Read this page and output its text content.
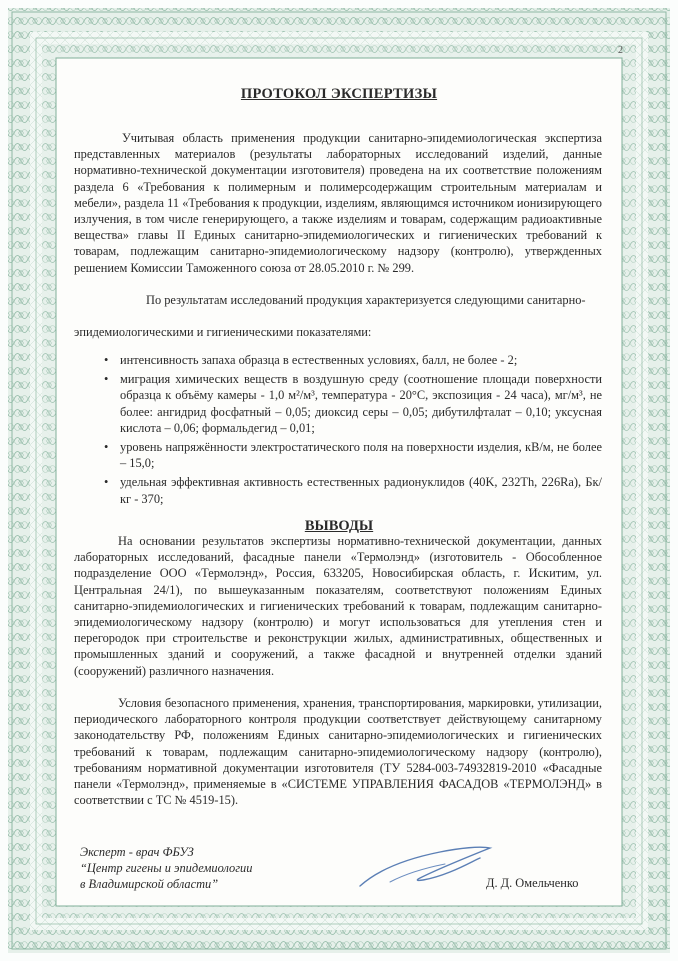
2
ПРОТОКОЛ ЭКСПЕРТИЗЫ
Учитывая область применения продукции санитарно-эпидемиологическая экспертиза представленных материалов (результаты лабораторных исследований изделий, данные нормативно-технической документации изготовителя) проведена на их соответствие положениям раздела 6 «Требования к полимерным и полимерсодержащим строительным материалам и мебели», раздела 11 «Требования к продукции, изделиям, являющимся источником ионизирующего излучения, в том числе генерирующего, а также изделиям и товарам, содержащим радиоактивные вещества» главы II Единых санитарно-эпидемиологических и гигиенических требований к товарам, подлежащим санитарно-эпидемиологическому надзору (контролю), утвержденных решением Комиссии Таможенного союза от 28.05.2010 г. № 299.
По результатам исследований продукция характеризуется следующими санитарно-
эпидемиологическими и гигиеническими показателями:
• интенсивность запаха образца в естественных условиях, балл, не более - 2;
• миграция химических веществ в воздушную среду (соотношение площади поверхности образца к объёму камеры - 1,0 м²/м³, температура - 20°С, экспозиция - 24 часа), мг/м³, не более: ангидрид фосфатный – 0,05; диоксид серы – 0,05; дибутилфталат – 0,10; уксусная кислота – 0,06; формальдегид – 0,01;
• уровень напряжённости электростатического поля на поверхности изделия, кВ/м, не более – 15,0;
• удельная эффективная активность естественных радионуклидов (40K, 232Th, 226Ra), Бк/кг - 370;
ВЫВОДЫ
На основании результатов экспертизы нормативно-технической документации, данных лабораторных исследований, фасадные панели «Термолэнд» (изготовитель - Обособленное подразделение ООО «Термолэнд», Россия, 633205, Новосибирская область, г. Искитим, ул. Центральная 24/1), по вышеуказанным показателям, соответствуют положениям Единых санитарно-эпидемиологических и гигиенических требований к товарам, подлежащим санитарно-эпидемиологическому надзору (контролю) и могут использоваться для утепления стен и перегородок при строительстве и реконструкции жилых, административных, общественных и промышленных зданий и сооружений, а также фасадной и внутренней отделки зданий (сооружений) различного назначения.
Условия безопасного применения, хранения, транспортирования, маркировки, утилизации, периодического лабораторного контроля продукции соответствует действующему санитарному законодательству РФ, положениям Единых санитарно-эпидемиологических и гигиенических требований к товарам, подлежащим санитарно-эпидемиологическому надзору (контролю), требованиям нормативной документации изготовителя (ТУ 5284-003-74932819-2010 «Фасадные панели «Термолэнд», применяемые в «СИСТЕМЕ УПРАВЛЕНИЯ ФАСАДОВ «ТЕРМОЛЭНД» в соответствии с ТС № 4519-15).
Эксперт - врач ФБУЗ
“Центр гигены и эпидемиологии
в Владимирской области”	Д. Д. Омельченко
